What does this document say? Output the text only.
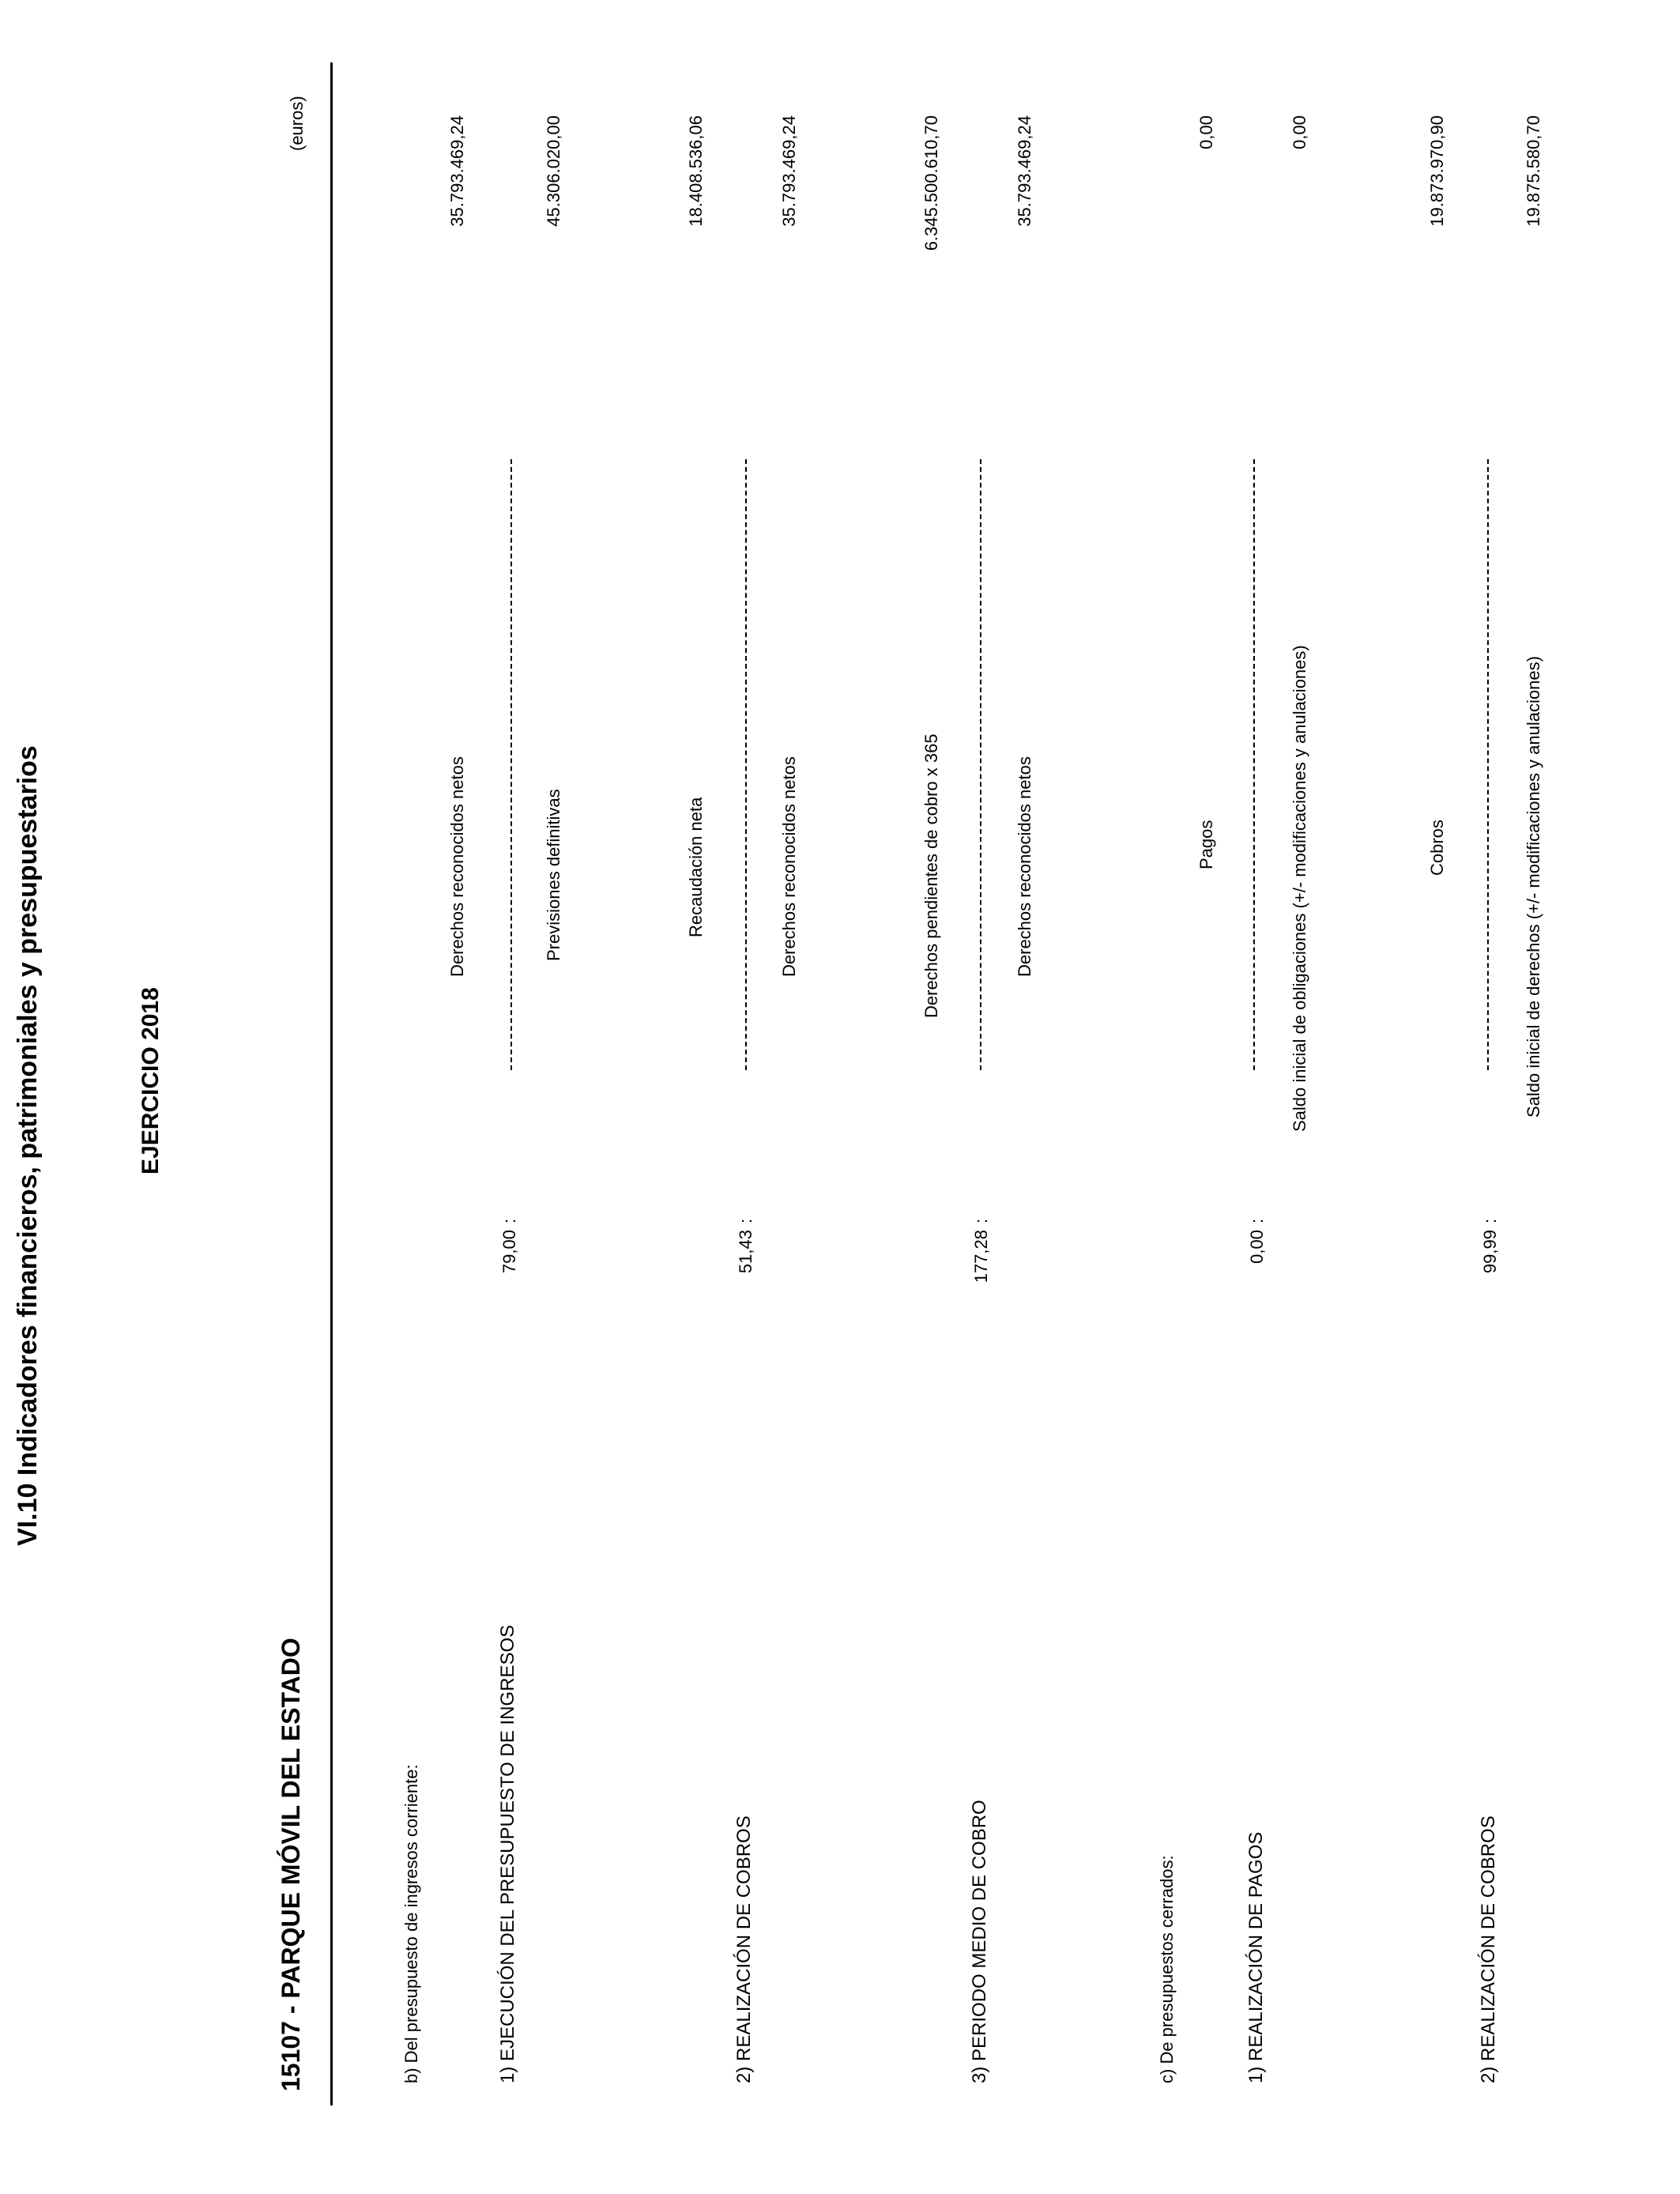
VI.10 Indicadores financieros, patrimoniales y presupuestarios	EJERCICIO 2018
15107 - PARQUE MÓVIL DEL ESTADO
(euros)
b) Del presupuesto de ingresos corriente:	1) EJECUCIÓN DEL PRESUPUESTO DE INGRESOS
79,00
:
Derechos reconocidos netos	Previsiones definitivas
35.793.469,24	45.306.020,00
2) REALIZACIÓN DE COBROS
51,43
:
Recaudación neta	Derechos reconocidos netos
18.408.536,06	35.793.469,24
3) PERIODO MEDIO DE COBRO
177,28
:
Derechos pendientes de cobro x 365	Derechos reconocidos netos
6.345.500.610,70	35.793.469,24
c) De presupuestos cerrados:	1) REALIZACIÓN DE PAGOS
0,00
:
Pagos	Saldo inicial de obligaciones (+/- modificaciones y anulaciones)
0,00	0,00
2) REALIZACIÓN DE COBROS
99,99
:
Cobros	Saldo inicial de derechos (+/- modificaciones y anulaciones)
19.873.970,90	19.875.580,70
